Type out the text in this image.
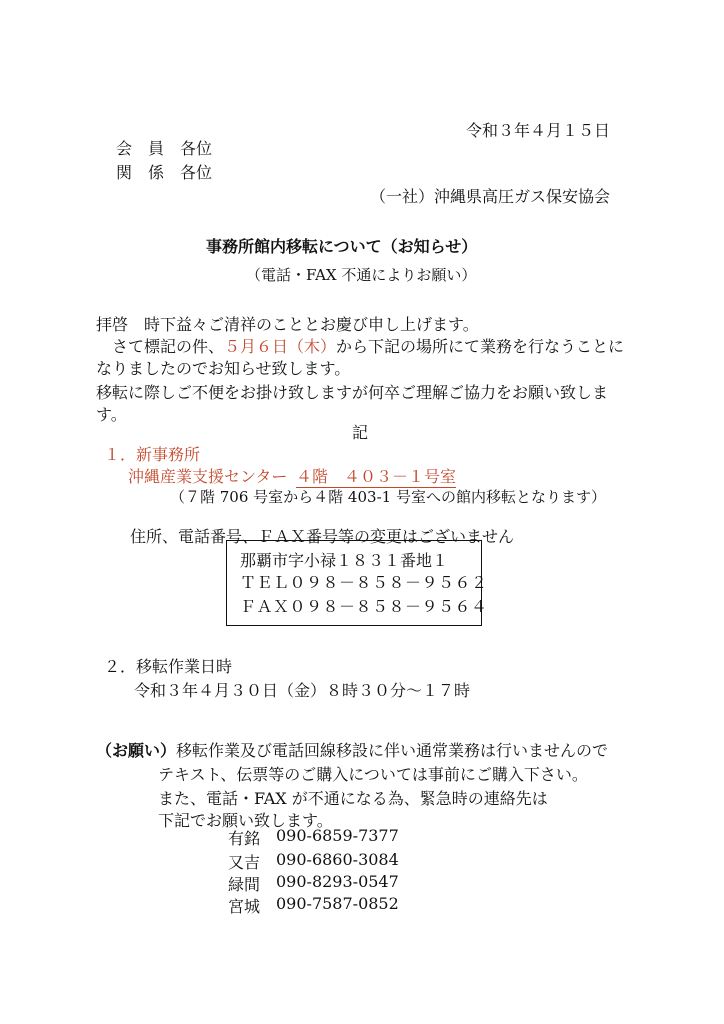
令和３年４月１５日
会　員　各位
関　係　各位
（一社）沖縄県高圧ガス保安協会
事務所館内移転について（お知らせ）
（電話・FAX 不通によりお願い）
拝啓　時下益々ご清祥のこととお慶び申し上げます。
さて標記の件、５月６日（木）から下記の場所にて業務を行なうことに
なりましたのでお知らせ致します。
移転に際しご不便をお掛け致しますが何卒ご理解ご協力をお願い致しま
す。
記
１．新事務所
沖縄産業支援センター ４階　４０３－１号室
（７階 706 号室から４階 403-1 号室への館内移転となります）
住所、電話番号、ＦＡＸ番号等の変更はございません
那覇市字小禄１８３１番地１
ＴＥＬ０９８－８５８－９５６２
ＦＡＸ０９８－８５８－９５６４
２．移転作業日時
令和３年４月３０日（金）８時３０分～１７時
（お願い） 移転作業及び電話回線移設に伴い通常業務は行いませんので
テキスト、伝票等のご購入については事前にご購入下さい。
また、電話・FAX が不通になる為、緊急時の連絡先は
下記でお願い致します。
有銘 090-6859-7377
又吉 090-6860-3084
緑間 090-8293-0547
宮城 090-7587-0852
